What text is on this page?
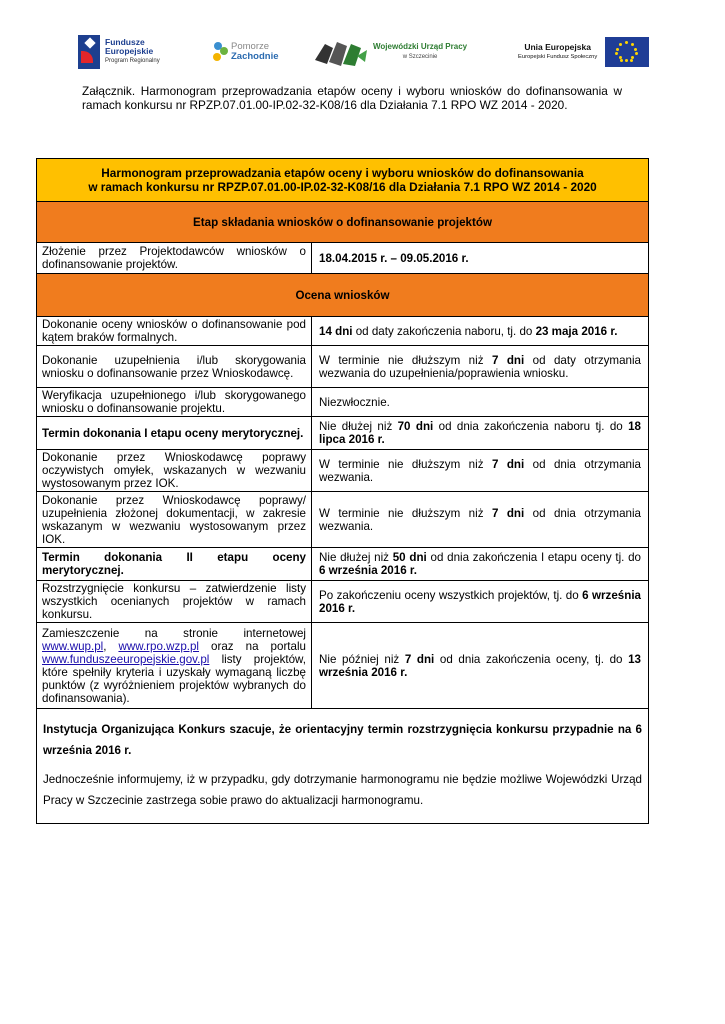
Fundusze
Europejskie
Program Regionalny
Pomorze
Zachodnie
Wojewódzki Urząd Pracy
w Szczecinie
Unia Europejska
Europejski Fundusz Społeczny
Załącznik. Harmonogram przeprowadzania etapów oceny i wyboru wniosków do dofinansowania w ramach konkursu nr RPZP.07.01.00-IP.02-32-K08/16 dla Działania 7.1 RPO WZ 2014 - 2020.
Harmonogram przeprowadzania etapów oceny i wyboru wniosków do dofinansowania
w ramach konkursu nr RPZP.07.01.00-IP.02-32-K08/16 dla Działania 7.1 RPO WZ 2014 - 2020	
Etap składania wniosków o dofinansowanie projektów	
Złożenie przez Projektodawców wniosków o dofinansowanie projektów.	18.04.2015 r. – 09.05.2016 r.
Ocena wniosków	
Dokonanie oceny wniosków o dofinansowanie pod kątem braków formalnych.	14 dni od daty zakończenia naboru, tj. do 23 maja 2016 r.
Dokonanie uzupełnienia i/lub skorygowania wniosku o dofinansowanie przez Wnioskodawcę.	W terminie nie dłuższym niż 7 dni od daty otrzymania wezwania do uzupełnienia/poprawienia wniosku.
Weryfikacja uzupełnionego i/lub skorygowanego wniosku o dofinansowanie projektu.	Niezwłocznie.
Termin dokonania I etapu oceny merytorycznej.	Nie dłużej niż 70 dni od dnia zakończenia naboru tj. do 18 lipca 2016 r.
Dokonanie przez Wnioskodawcę poprawy oczywistych omyłek, wskazanych w wezwaniu wystosowanym przez IOK.	W terminie nie dłuższym niż 7 dni od dnia otrzymania wezwania.
Dokonanie przez Wnioskodawcę poprawy/ uzupełnienia złożonej dokumentacji, w zakresie wskazanym w wezwaniu wystosowanym przez IOK.	W terminie nie dłuższym niż 7 dni od dnia otrzymania wezwania.
Termin dokonania II etapu oceny merytorycznej.	Nie dłużej niż 50 dni od dnia zakończenia I etapu oceny tj. do 6 września 2016 r.
Rozstrzygnięcie konkursu – zatwierdzenie listy wszystkich ocenianych projektów w ramach konkursu.	Po zakończeniu oceny wszystkich projektów, tj. do 6 września 2016 r.
Zamieszczenie na stronie internetowej www.wup.pl, www.rpo.wzp.pl oraz na portalu www.funduszeeuropejskie.gov.pl listy projektów, które spełniły kryteria i uzyskały wymaganą liczbę punktów (z wyróżnieniem projektów wybranych do dofinansowania).	Nie później niż 7 dni od dnia zakończenia oceny, tj. do 13 września 2016 r.

Instytucja Organizująca Konkurs szacuje, że orientacyjny termin rozstrzygnięcia konkursu przypadnie na 6 września 2016 r.

Jednocześnie informujemy, iż w przypadku, gdy dotrzymanie harmonogramu nie będzie możliwe Wojewódzki Urząd Pracy w Szczecinie zastrzega sobie prawo do aktualizacji harmonogramu.	
